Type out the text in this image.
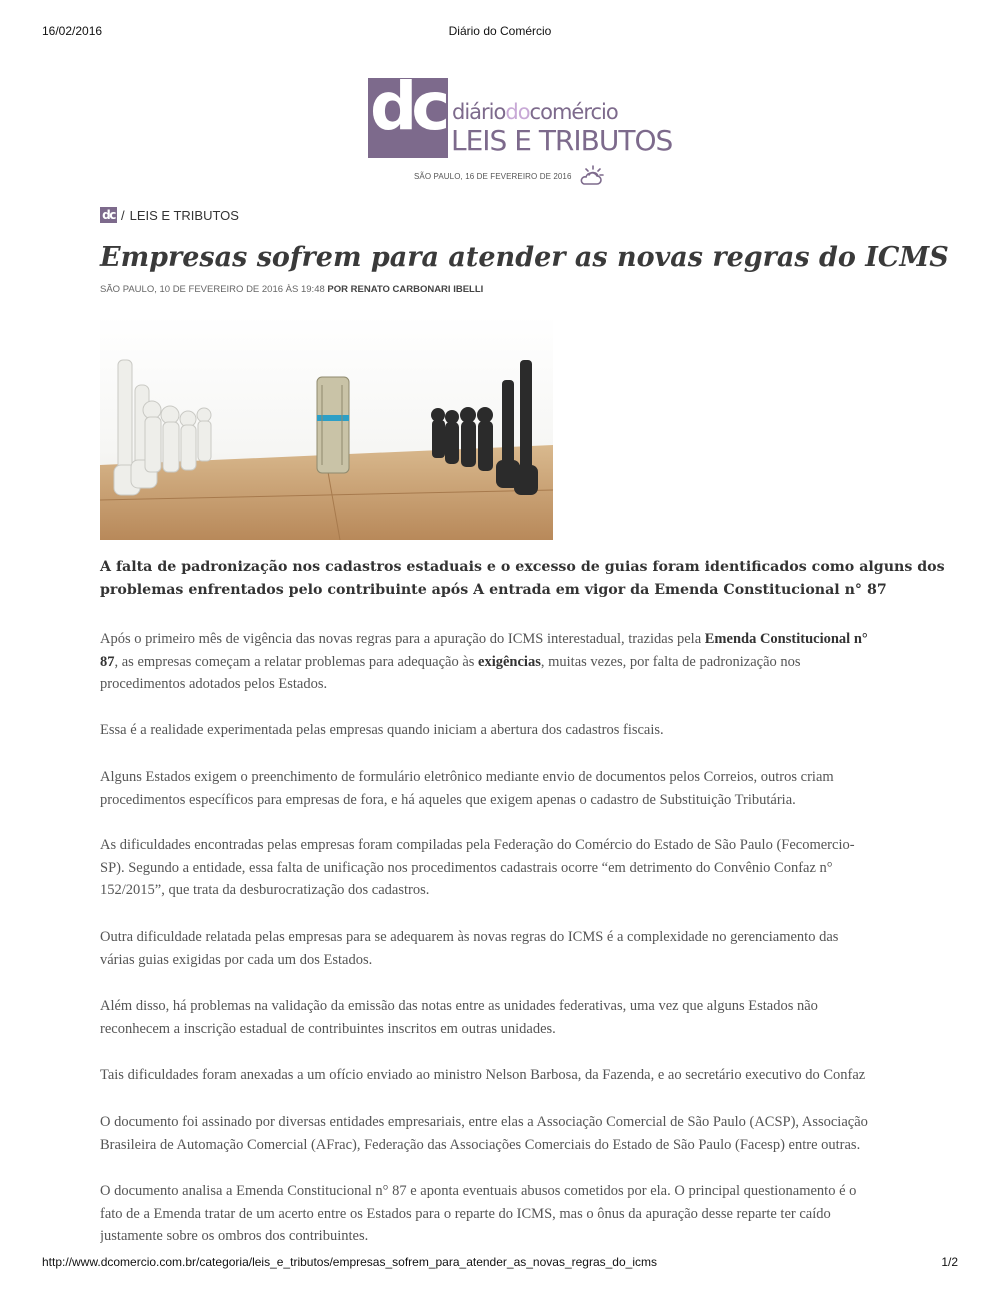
16/02/2016	Diário do Comércio
dc diáriodocomércio
LEIS E TRIBUTOS
SÃO PAULO, 16 DE FEVEREIRO DE 2016
dc / LEIS E TRIBUTOS
Empresas sofrem para atender as novas regras do ICMS
SÃO PAULO, 10 DE FEVEREIRO DE 2016 ÀS 19:48 POR RENATO CARBONARI IBELLI

A falta de padronização nos cadastros estaduais e o excesso de guias foram identificados como alguns dos problemas enfrentados pelo contribuinte após A entrada em vigor da Emenda Constitucional n° 87

Após o primeiro mês de vigência das novas regras para a apuração do ICMS interestadual, trazidas pela Emenda Constitucional n°
87, as empresas começam a relatar problemas para adequação às exigências, muitas vezes, por falta de padronização nos
procedimentos adotados pelos Estados.

Essa é a realidade experimentada pelas empresas quando iniciam a abertura dos cadastros fiscais.

Alguns Estados exigem o preenchimento de formulário eletrônico mediante envio de documentos pelos Correios, outros criam
procedimentos específicos para empresas de fora, e há aqueles que exigem apenas o cadastro de Substituição Tributária.

As dificuldades encontradas pelas empresas foram compiladas pela Federação do Comércio do Estado de São Paulo (Fecomercio-
SP). Segundo a entidade, essa falta de unificação nos procedimentos cadastrais ocorre “em detrimento do Convênio Confaz n°
152/2015”, que trata da desburocratização dos cadastros.

Outra dificuldade relatada pelas empresas para se adequarem às novas regras do ICMS é a complexidade no gerenciamento das
várias guias exigidas por cada um dos Estados.

Além disso, há problemas na validação da emissão das notas entre as unidades federativas, uma vez que alguns Estados não
reconhecem a inscrição estadual de contribuintes inscritos em outras unidades.

Tais dificuldades foram anexadas a um ofício enviado ao ministro Nelson Barbosa, da Fazenda, e ao secretário executivo do Confaz

O documento foi assinado por diversas entidades empresariais, entre elas a Associação Comercial de São Paulo (ACSP), Associação
Brasileira de Automação Comercial (AFrac), Federação das Associações Comerciais do Estado de São Paulo (Facesp) entre outras.

O documento analisa a Emenda Constitucional n° 87 e aponta eventuais abusos cometidos por ela. O principal questionamento é o
fato de a Emenda tratar de um acerto entre os Estados para o reparte do ICMS, mas o ônus da apuração desse reparte ter caído
justamente sobre os ombros dos contribuintes.

http://www.dcomercio.com.br/categoria/leis_e_tributos/empresas_sofrem_para_atender_as_novas_regras_do_icms	1/2
